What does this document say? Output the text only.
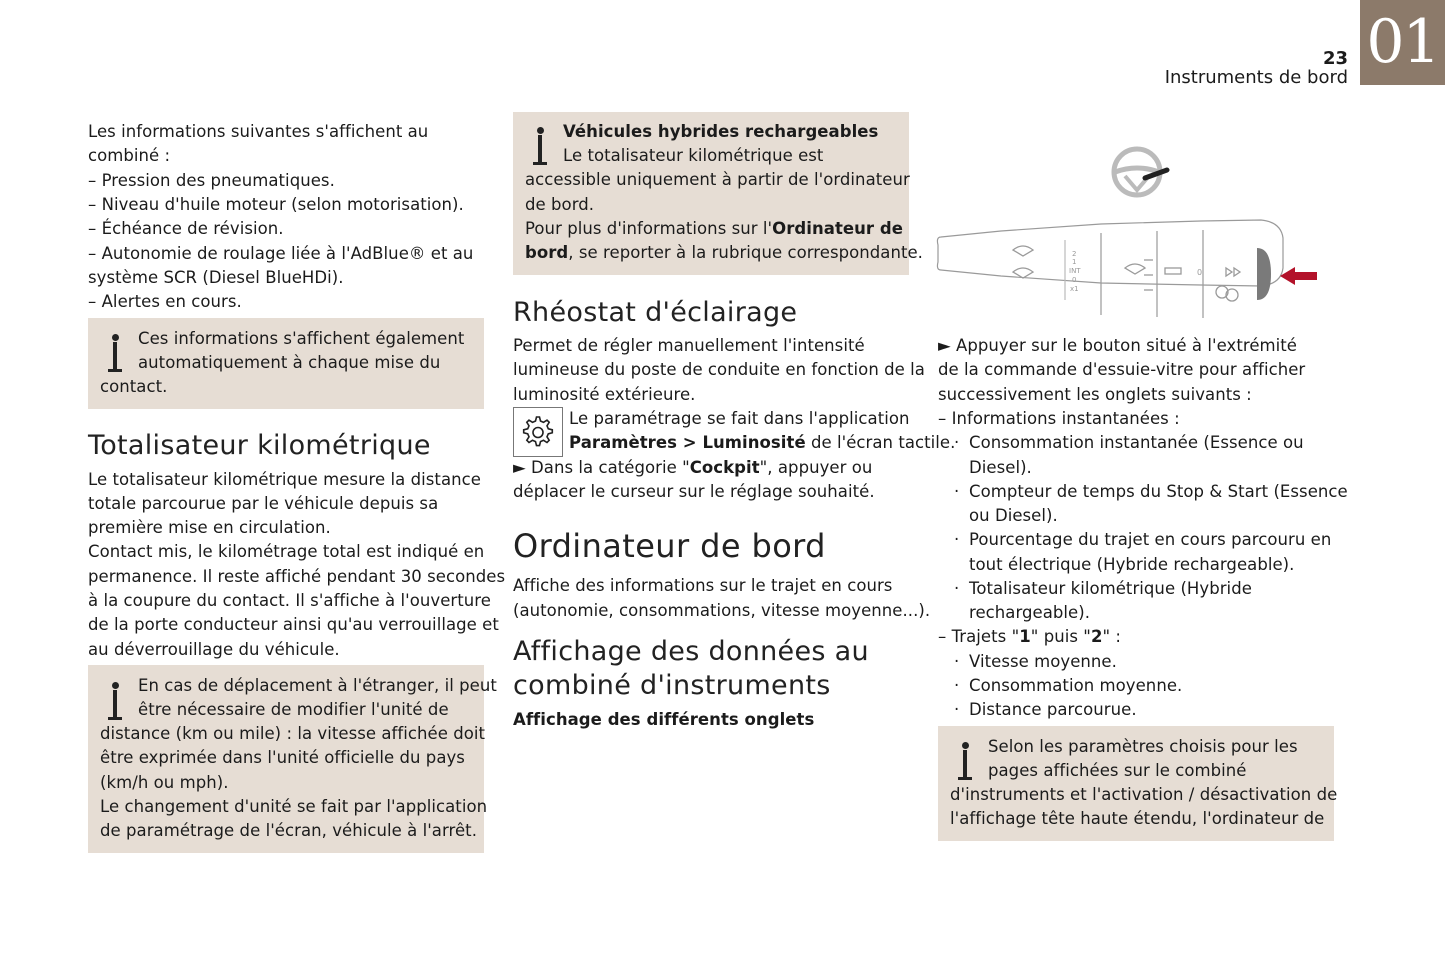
01
23
Instruments de bord
Les informations suivantes s'affichent au
combiné :
– Pression des pneumatiques.
– Niveau d'huile moteur (selon motorisation).
– Échéance de révision.
– Autonomie de roulage liée à l'AdBlue® et au
système SCR (Diesel BlueHDi).
– Alertes en cours.
Ces informations s'affichent également
automatiquement à chaque mise du
contact.
Totalisateur kilométrique
Le totalisateur kilométrique mesure la distance
totale parcourue par le véhicule depuis sa
première mise en circulation.
Contact mis, le kilométrage total est indiqué en
permanence. Il reste affiché pendant 30 secondes
à la coupure du contact. Il s'affiche à l'ouverture
de la porte conducteur ainsi qu'au verrouillage et
au déverrouillage du véhicule.
En cas de déplacement à l'étranger, il peut
être nécessaire de modifier l'unité de
distance (km ou mile) : la vitesse affichée doit
être exprimée dans l'unité officielle du pays
(km/h ou mph).
Le changement d'unité se fait par l'application
de paramétrage de l'écran, véhicule à l'arrêt.
Véhicules hybrides rechargeables
Le totalisateur kilométrique est
accessible uniquement à partir de l'ordinateur
de bord.
Pour plus d'informations sur l'Ordinateur de
bord, se reporter à la rubrique correspondante.
Rhéostat d'éclairage
Permet de régler manuellement l'intensité
lumineuse du poste de conduite en fonction de la
luminosité extérieure.
Le paramétrage se fait dans l'application
Paramètres > Luminosité de l'écran tactile.
► Dans la catégorie "Cockpit", appuyer ou
déplacer le curseur sur le réglage souhaité.
Ordinateur de bord
Affiche des informations sur le trajet en cours
(autonomie, consommations, vitesse moyenne...).
Affichage des données au
combiné d'instruments
Affichage des différents onglets
2
1
INT
0
x1
0
► Appuyer sur le bouton situé à l'extrémité
de la commande d'essuie-vitre pour afficher
successivement les onglets suivants :
– Informations instantanées :
· Consommation instantanée (Essence ou
Diesel).
· Compteur de temps du Stop & Start (Essence
ou Diesel).
· Pourcentage du trajet en cours parcouru en
tout électrique (Hybride rechargeable).
· Totalisateur kilométrique (Hybride
rechargeable).
– Trajets "1" puis "2" :
· Vitesse moyenne.
· Consommation moyenne.
· Distance parcourue.
Selon les paramètres choisis pour les
pages affichées sur le combiné
d'instruments et l'activation / désactivation de
l'affichage tête haute étendu, l'ordinateur de
